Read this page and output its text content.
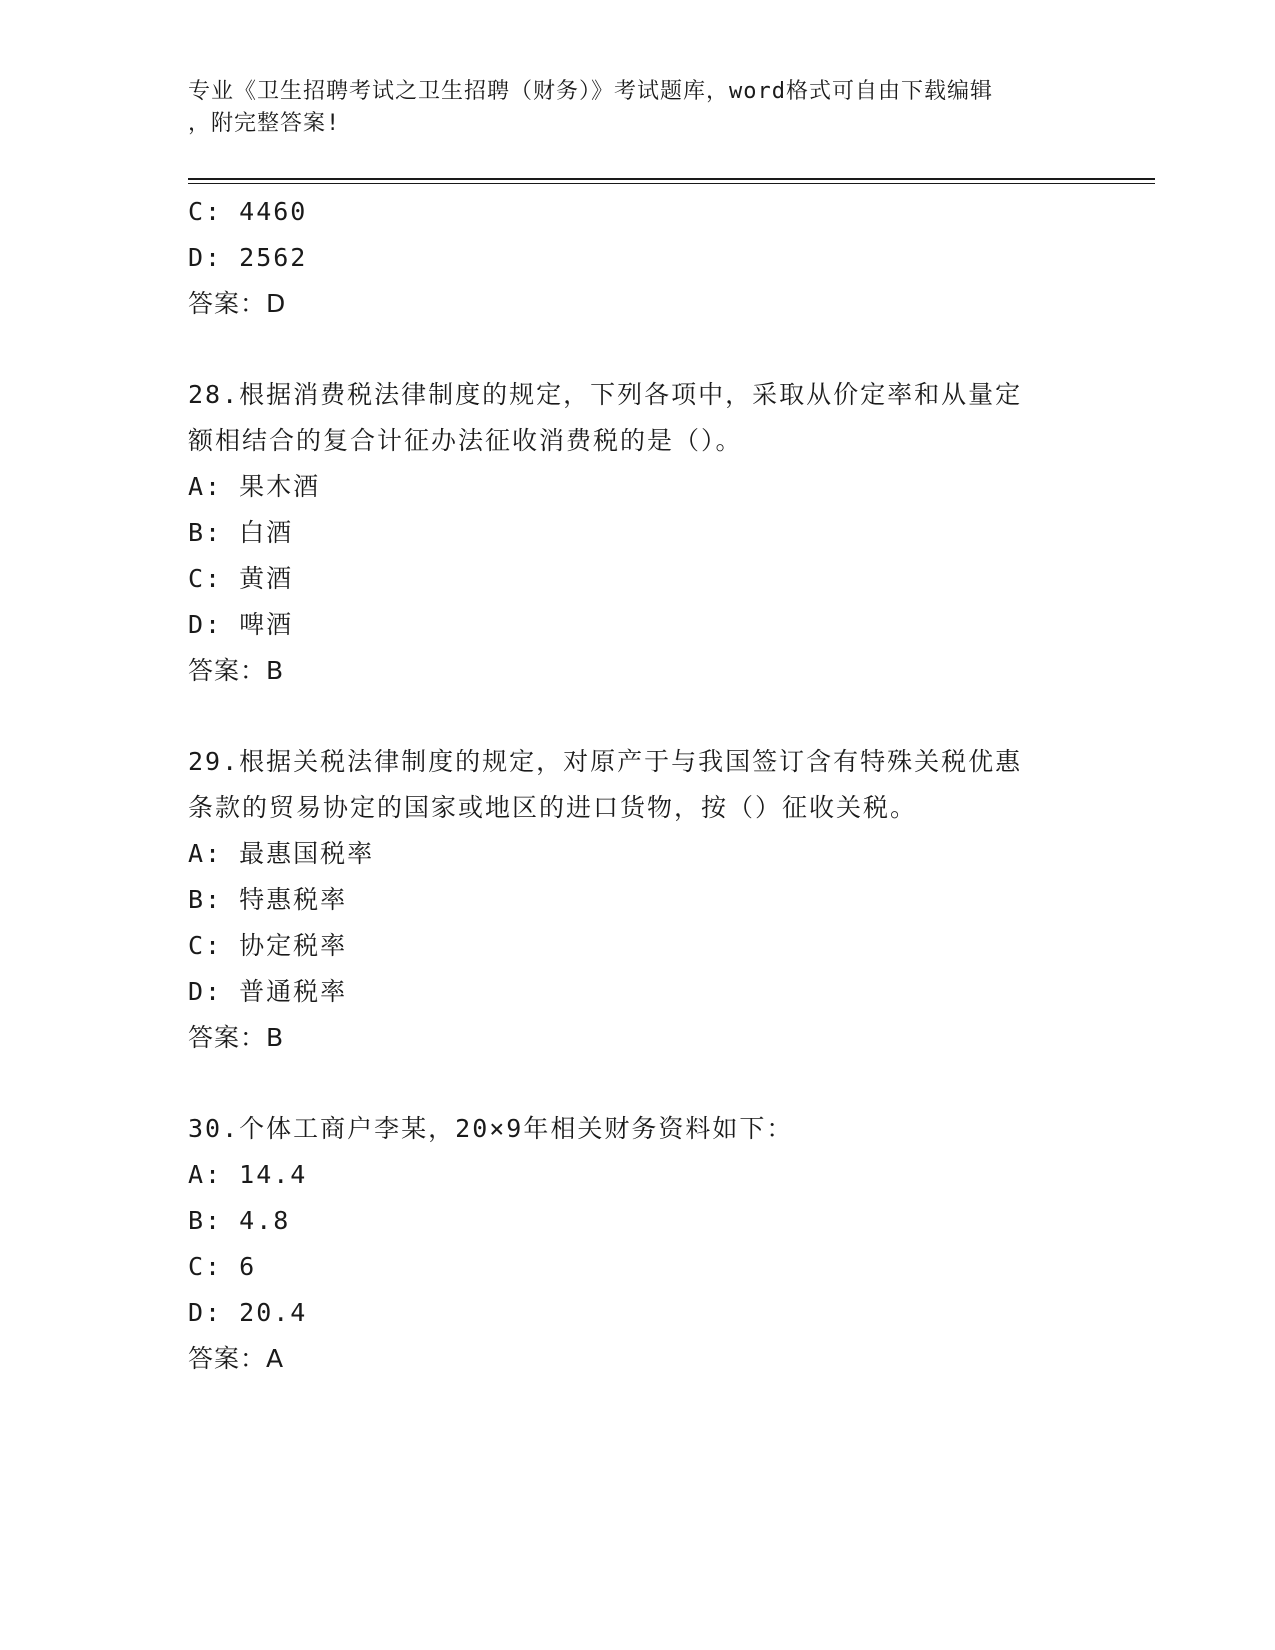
专业《卫生招聘考试之卫生招聘（财务）》考试题库，word格式可自由下载编辑
，附完整答案!
C: 4460
D: 2562
答案：D
28.根据消费税法律制度的规定，下列各项中，采取从价定率和从量定
额相结合的复合计征办法征收消费税的是（）。
A: 果木酒
B: 白酒
C: 黄酒
D: 啤酒
答案：B
29.根据关税法律制度的规定，对原产于与我国签订含有特殊关税优惠
条款的贸易协定的国家或地区的进口货物，按（）征收关税。
A: 最惠国税率
B: 特惠税率
C: 协定税率
D: 普通税率
答案：B
30.个体工商户李某，20×9年相关财务资料如下：
A: 14.4
B: 4.8
C: 6
D: 20.4
答案：A
